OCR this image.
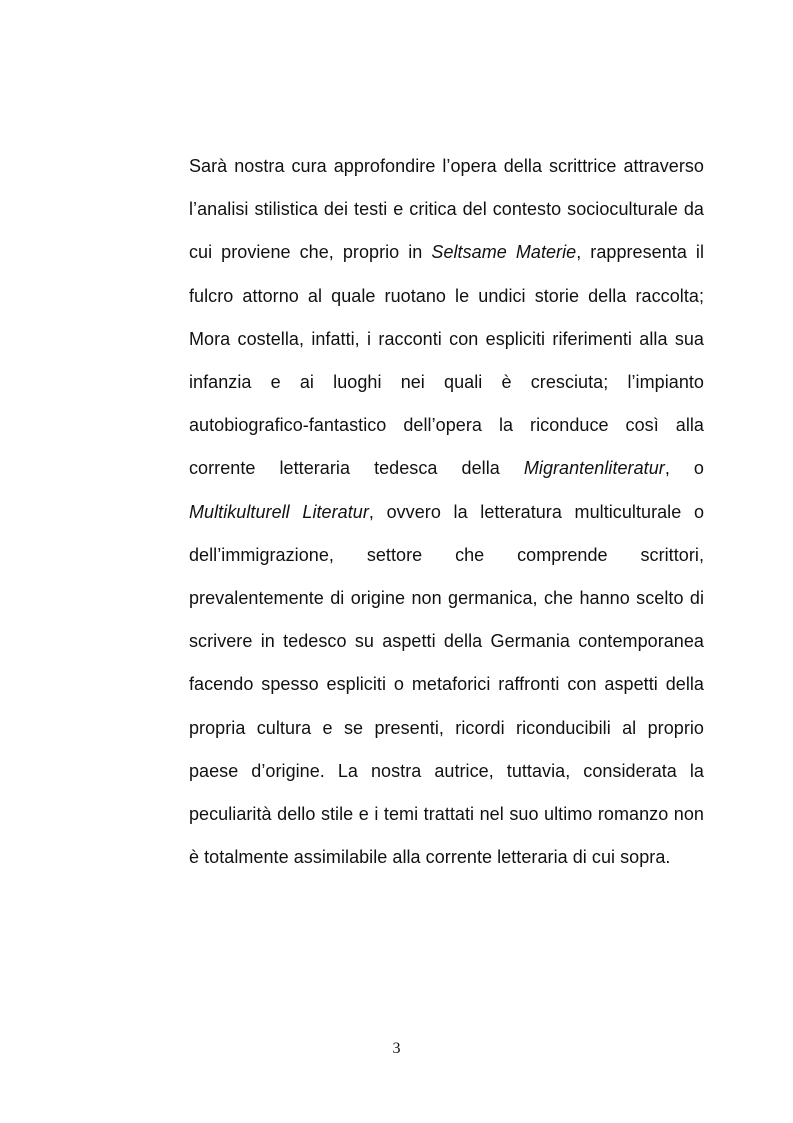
Sarà nostra cura approfondire l’opera della scrittrice attraverso l’analisi stilistica dei testi e critica del contesto socioculturale da cui proviene che, proprio in Seltsame Materie, rappresenta il fulcro attorno al quale ruotano le undici storie della raccolta; Mora costella, infatti, i racconti con espliciti riferimenti alla sua infanzia e ai luoghi nei quali è cresciuta; l’impianto autobiografico-fantastico dell’opera la riconduce così alla corrente letteraria tedesca della Migrantenliteratur, o Multikulturell Literatur, ovvero la letteratura multiculturale o dell’immigrazione, settore che comprende scrittori, prevalentemente di origine non germanica, che hanno scelto di scrivere in tedesco su aspetti della Germania contemporanea facendo spesso espliciti o metaforici raffronti con aspetti della propria cultura e se presenti, ricordi riconducibili al proprio paese d’origine. La nostra autrice, tuttavia, considerata la peculiarità dello stile e i temi trattati nel suo ultimo romanzo non è totalmente assimilabile alla corrente letteraria di cui sopra.

3
